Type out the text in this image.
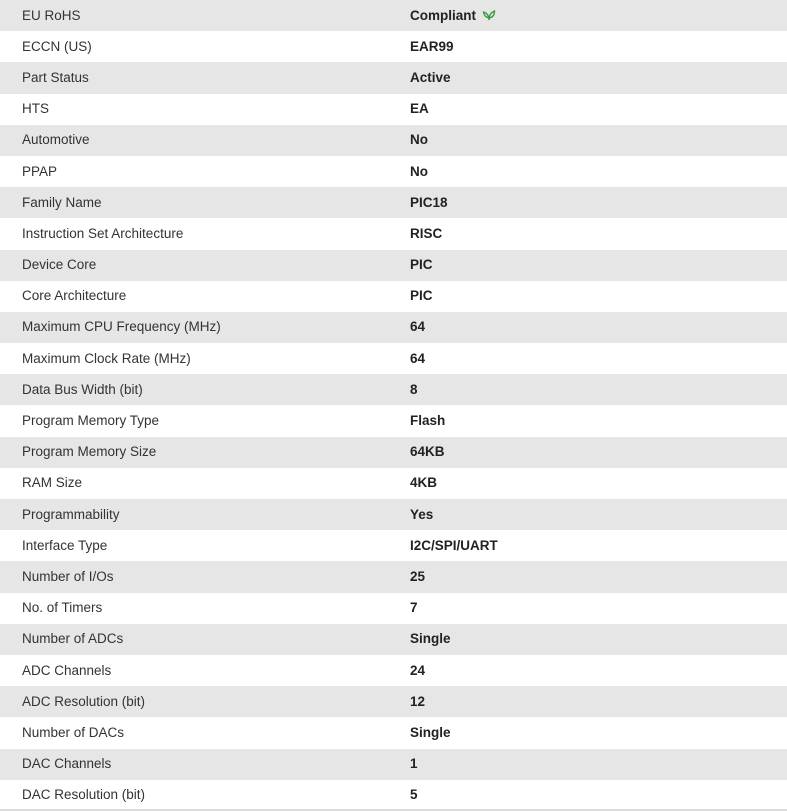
EU RoHS	Compliant
ECCN (US)	EAR99
Part Status	Active
HTS	EA
Automotive	No
PPAP	No
Family Name	PIC18
Instruction Set Architecture	RISC
Device Core	PIC
Core Architecture	PIC
Maximum CPU Frequency (MHz)	64
Maximum Clock Rate (MHz)	64
Data Bus Width (bit)	8
Program Memory Type	Flash
Program Memory Size	64KB
RAM Size	4KB
Programmability	Yes
Interface Type	I2C/SPI/UART
Number of I/Os	25
No. of Timers	7
Number of ADCs	Single
ADC Channels	24
ADC Resolution (bit)	12
Number of DACs	Single
DAC Channels	1
DAC Resolution (bit)	5
